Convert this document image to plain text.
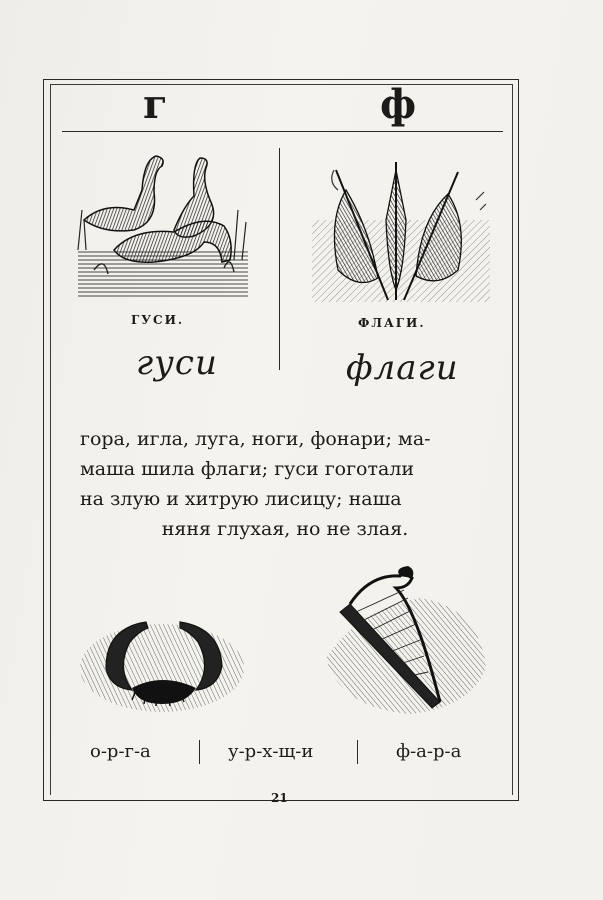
г	ф
ГУСИ.	ФЛАГИ.
гуси	флаги
гора, игла, луга, ноги, фонари; ма-
маша шила флаги; гуси гоготали
на злую и хитрую лисицу; наша
няня глухая, но не злая.
о-р-г-а	у-р-х-щ-и	ф-а-р-а
21
